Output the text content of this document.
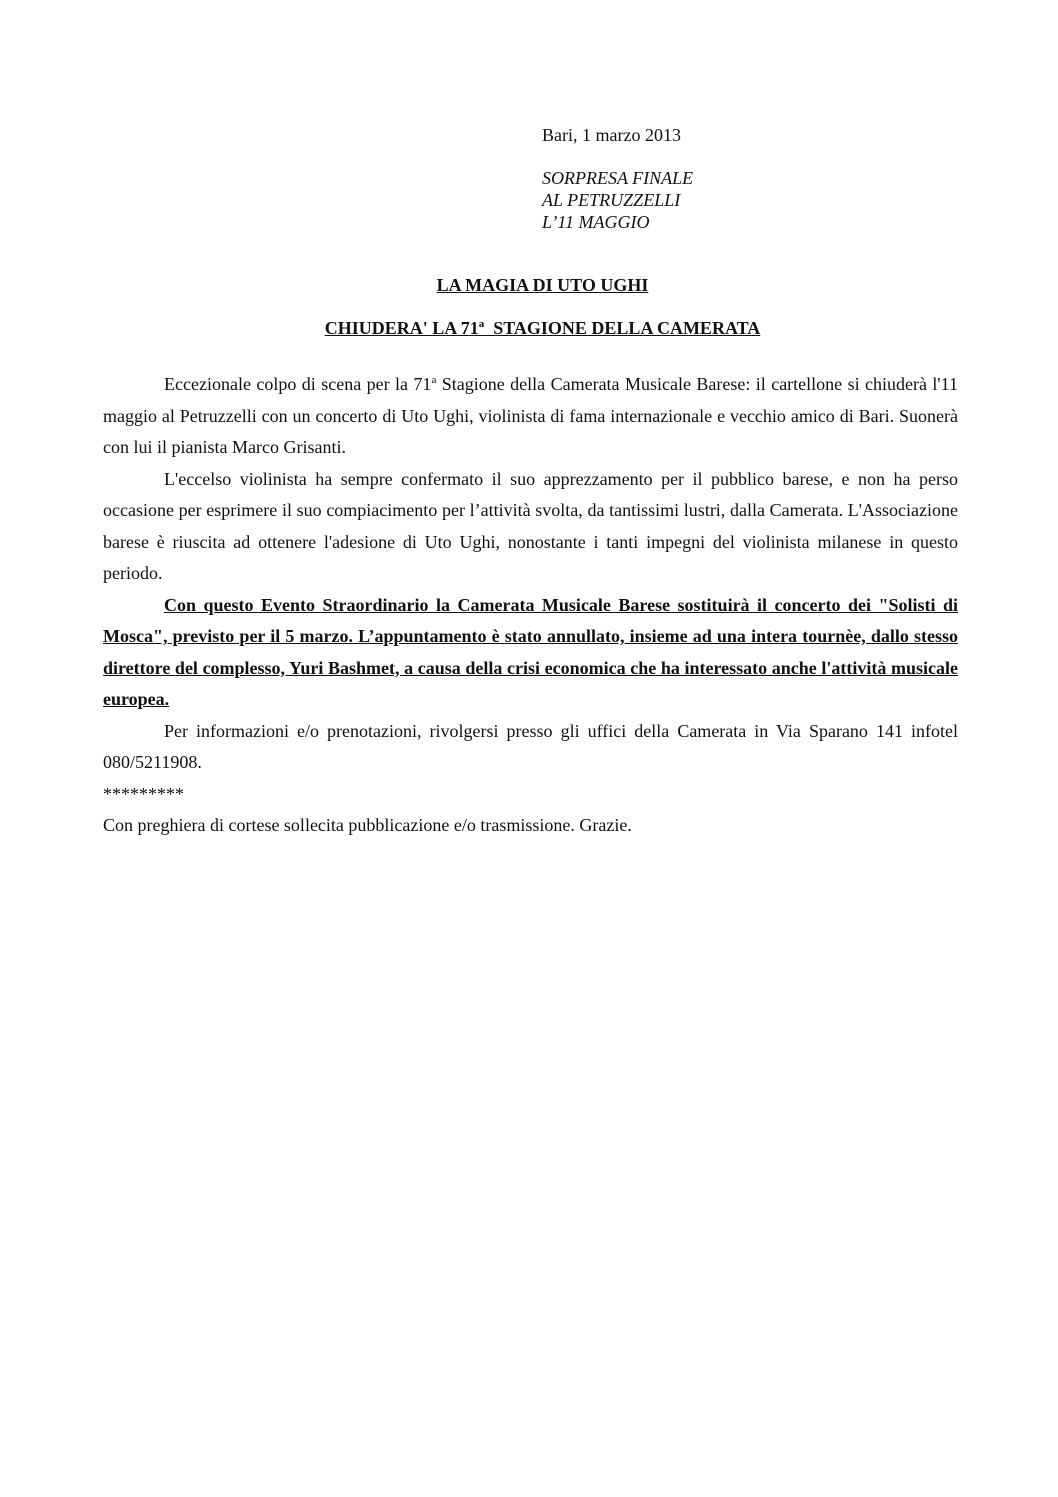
Bari, 1 marzo 2013
SORPRESA FINALE
AL PETRUZZELLI
L’11 MAGGIO
LA MAGIA DI UTO UGHI
CHIUDERA' LA 71$^a$  STAGIONE DELLA CAMERATA

Eccezionale colpo di scena per la 71$^a$ Stagione della Camerata Musicale Barese: il cartellone si chiuderà l'11 maggio al Petruzzelli con un concerto di Uto Ughi, violinista di fama internazionale e vecchio amico di Bari. Suonerà con lui il pianista Marco Grisanti.

L'eccelso violinista ha sempre confermato il suo apprezzamento per il pubblico barese, e non ha perso occasione per esprimere il suo compiacimento per l’attività svolta, da tantissimi lustri, dalla Camerata. L'Associazione barese è riuscita ad ottenere l'adesione di Uto Ughi, nonostante i tanti impegni del violinista milanese in questo periodo.

Con questo Evento Straordinario la Camerata Musicale Barese sostituirà il concerto dei "Solisti di Mosca", previsto per il 5 marzo. L’appuntamento è stato annullato, insieme ad una intera tournèe, dallo stesso direttore del complesso, Yuri Bashmet, a causa della crisi economica che ha interessato anche l'attività musicale europea.

Per informazioni e/o prenotazioni, rivolgersi presso gli uffici della Camerata in Via Sparano 141 infotel 080/5211908.

*********

Con preghiera di cortese sollecita pubblicazione e/o trasmissione. Grazie.
